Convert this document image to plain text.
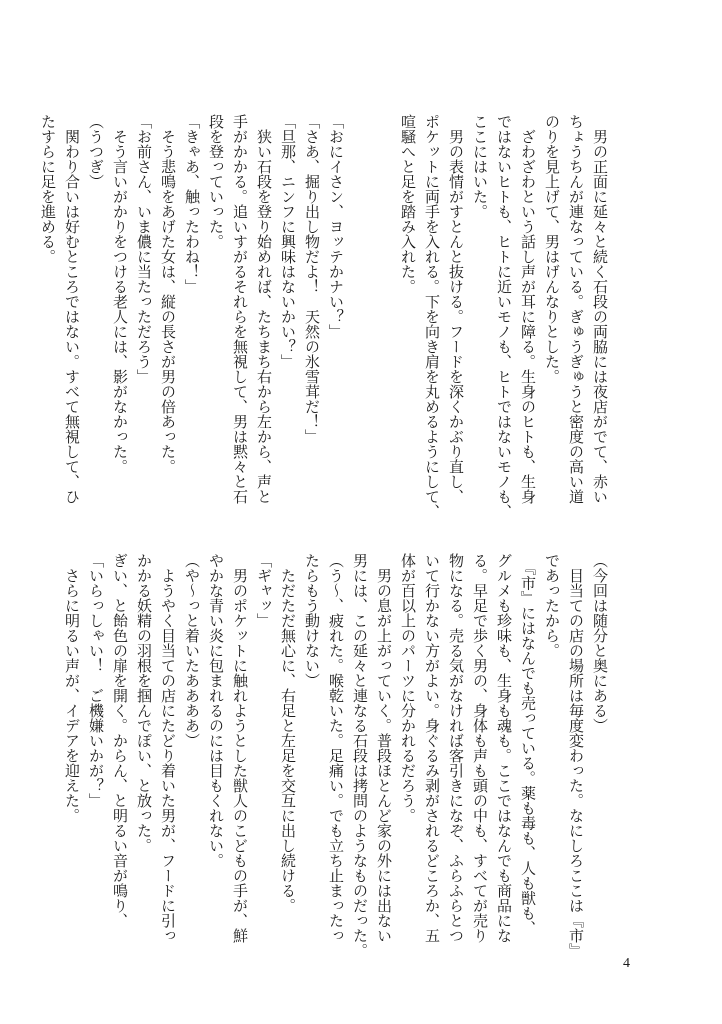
　男の正面に延々と続く石段の両脇には夜店がでて、赤い

ちょうちんが連なっている。ぎゅうぎゅうと密度の高い道

のりを見上げて、男はげんなりとした。

　ざわざわという話し声が耳に障る。生身のヒトも、生身

ではないヒトも、ヒトに近いモノも、ヒトではないモノも、

ここにはいた。

　男の表情がすとんと抜ける。フードを深くかぶり直し、

ポケットに両手を入れる。下を向き肩を丸めるようにして、

喧騒へと足を踏み入れた。

「おにイさン、ヨッテかナい？」

「さあ、掘り出し物だよ！　天然の氷雪茸だ！」

「旦那、ニンフに興味はないかい？」

　狭い石段を登り始めれば、たちまち右から左から、声と

手がかかる。追いすがるそれらを無視して、男は黙々と石

段を登っていった。

「きゃあ、触ったわね！」

　そう悲鳴をあげた女は、縦の長さが男の倍あった。

「お前さん、いま儂に当たっただろう」

　そう言いがかりをつける老人には、影がなかった。

（うつぎ）

　関わり合いは好むところではない。すべて無視して、ひ

たすらに足を進める。

（今回は随分と奥にある）

　目当ての店の場所は毎度変わった。なにしろここは『市』

であったから。

　『市』にはなんでも売っている。薬も毒も、人も獣も、

グルメも珍味も、生身も魂も。ここではなんでも商品にな

る。早足で歩く男の、身体も声も頭の中も、すべてが売り

物になる。売る気がなければ客引きになぞ、ふらふらとつ

いて行かない方がよい。身ぐるみ剥がされるどころか、五

体が百以上のパーツに分かれるだろう。

　男の息が上がっていく。普段ほとんど家の外には出ない

男には、この延々と連なる石段は拷問のようなものだった。

（う〜、疲れた。喉乾いた。足痛い。でも立ち止まったっ

たらもう動けない）

　ただただ無心に、右足と左足を交互に出し続ける。

「ギャッ」

　男のポケットに触れようとした獣人のこどもの手が、鮮

やかな青い炎に包まれるのには目もくれない。

（や〜っと着いたああああ）

　ようやく目当ての店にたどり着いた男が、フードに引っ

かかる妖精の羽根を掴んでぽい、と放った。

ぎい、と飴色の扉を開く。からん、と明るい音が鳴り、

「いらっしゃい！　ご機嫌いかが？」

　さらに明るい声が、イデアを迎えた。

4
